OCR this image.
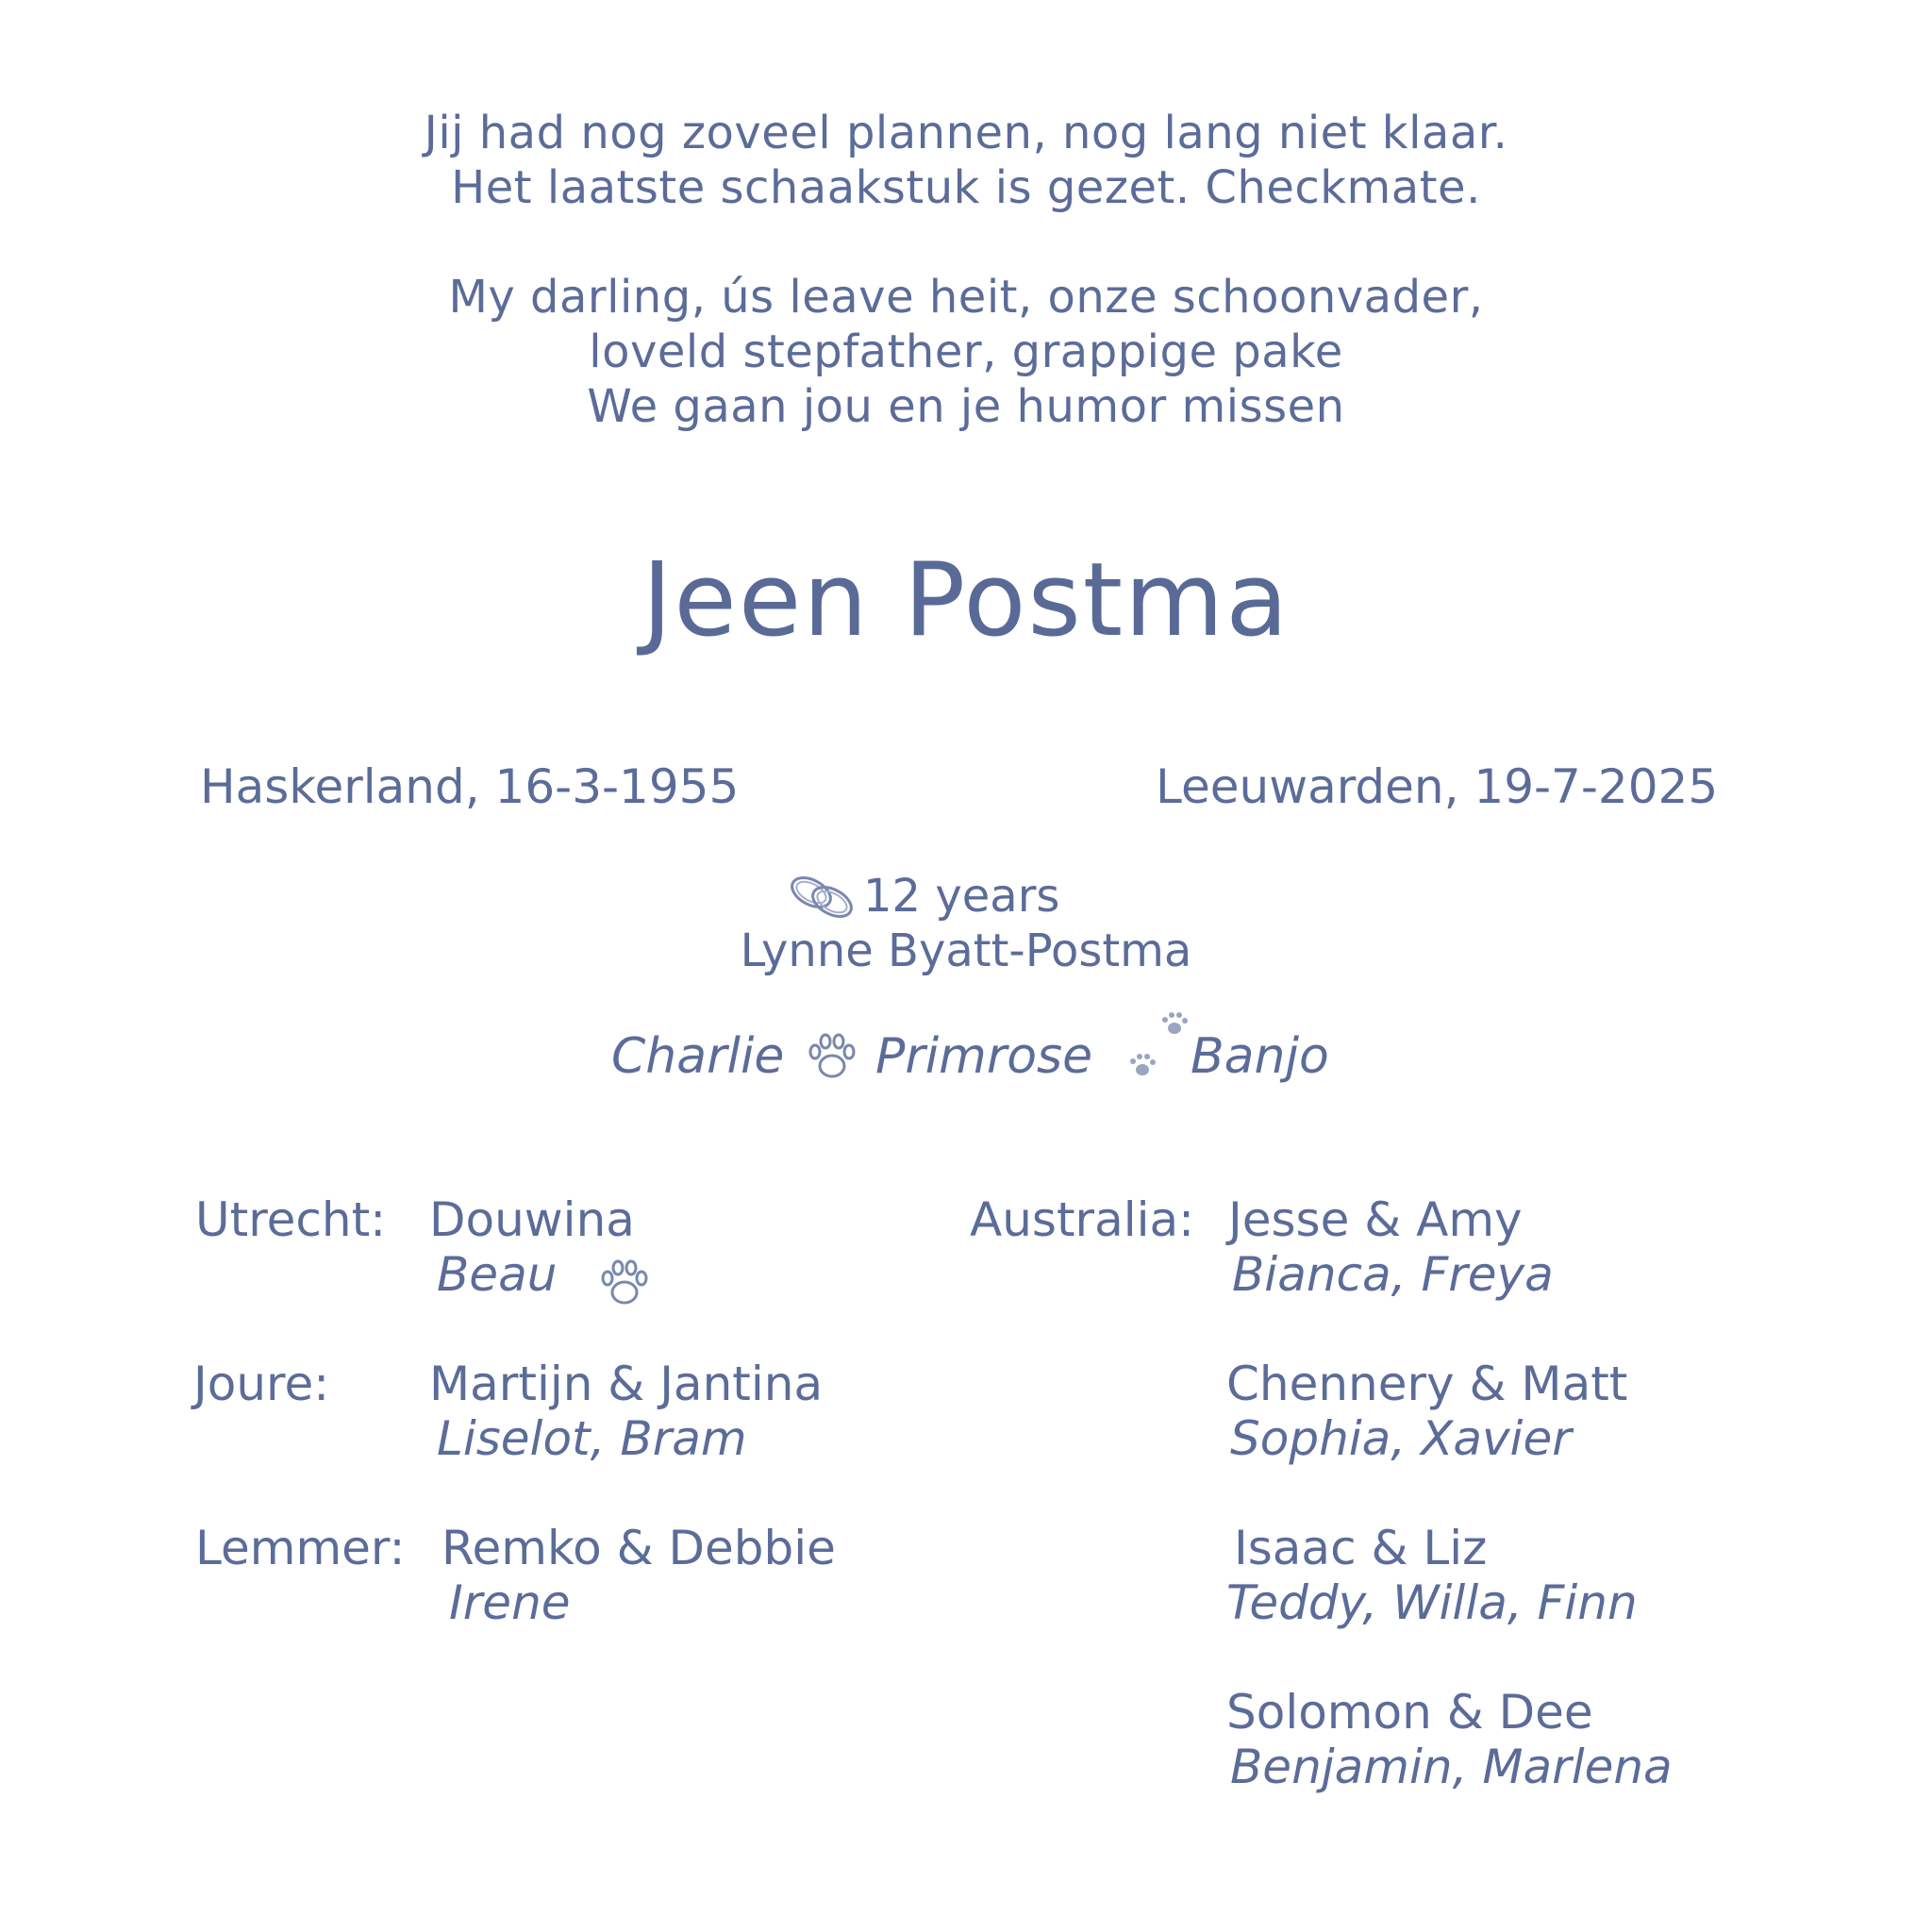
Jij had nog zoveel plannen, nog lang niet klaar.
Het laatste schaakstuk is gezet. Checkmate.
My darling, ús leave heit, onze schoonvader,
loveld stepfather, grappige pake
We gaan jou en je humor missen
Jeen Postma
Haskerland, 16-3-1955	Leeuwarden, 19-7-2025
12 years
Lynne Byatt-Postma
Charlie Primrose Banjo
Utrecht: Douwina
Beau
Joure: Martijn & Jantina
Liselot, Bram
Lemmer: Remko & Debbie
Irene
Australia: Jesse & Amy
Bianca, Freya
Chennery & Matt
Sophia, Xavier
Isaac & Liz
Teddy, Willa, Finn
Solomon & Dee
Benjamin, Marlena
